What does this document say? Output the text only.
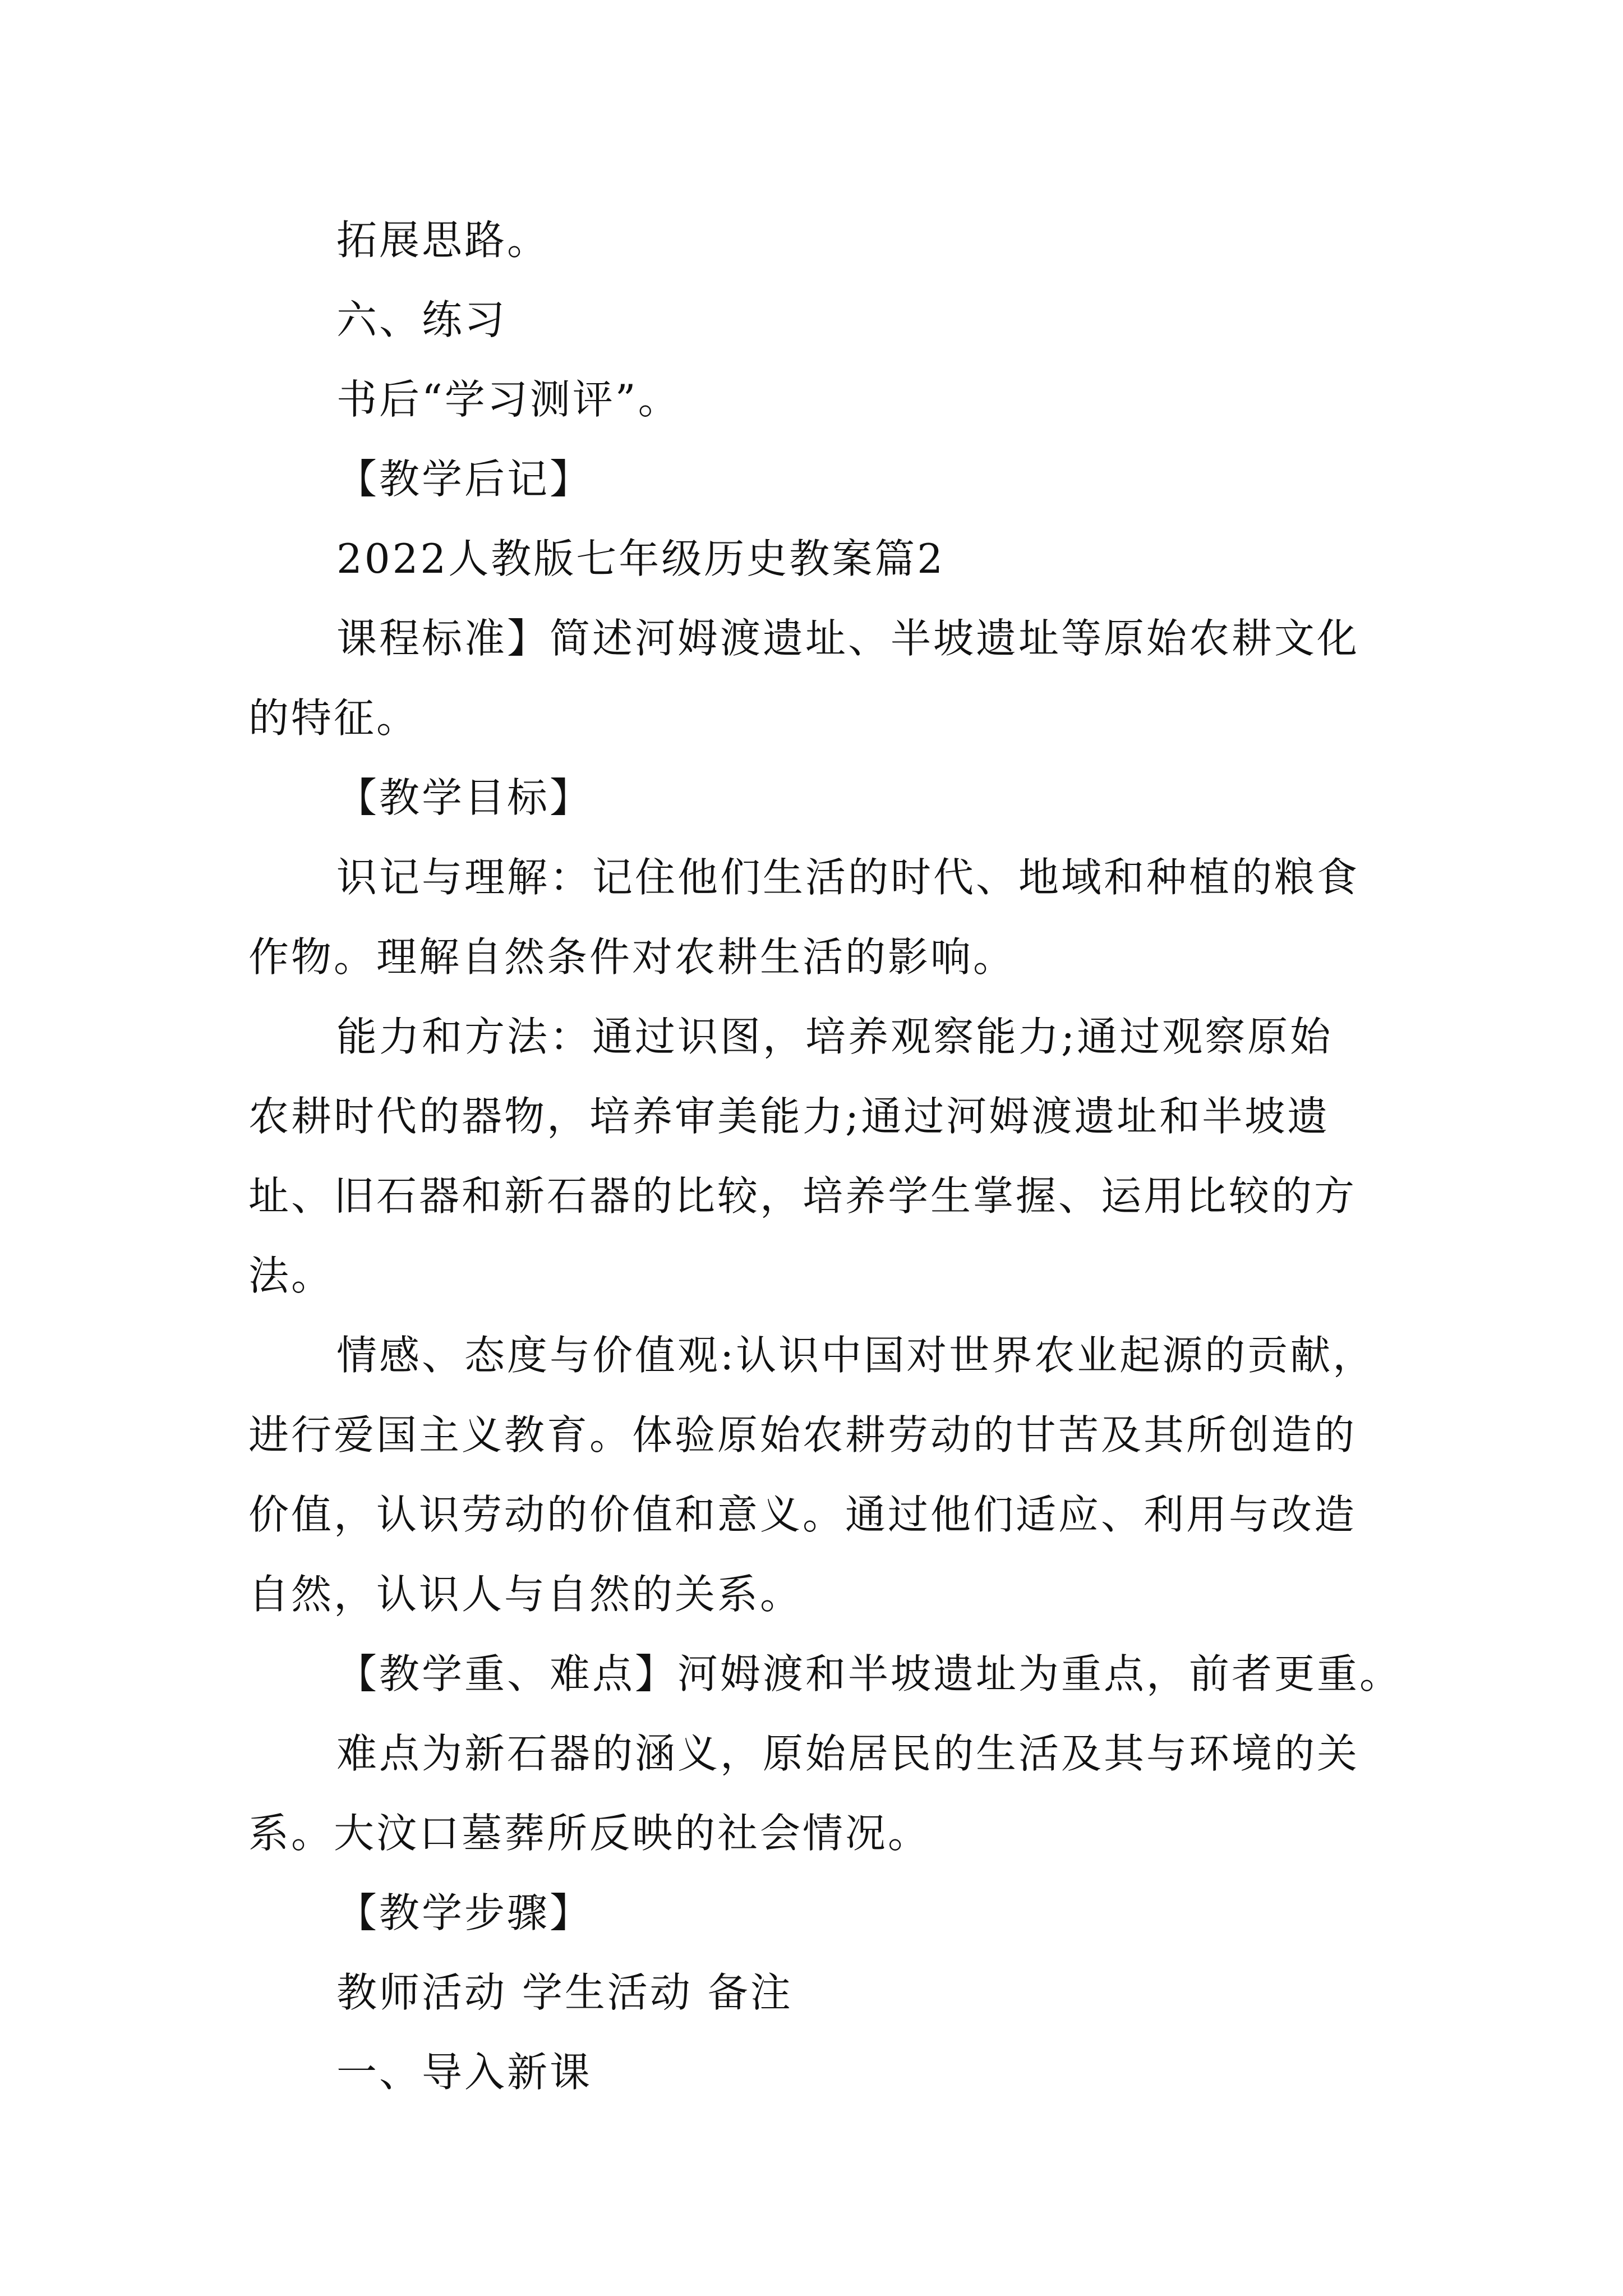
拓展思路。
六、练习
书后“学习测评”。
【教学后记】
2022人教版七年级历史教案篇2
课程标准】简述河姆渡遗址、半坡遗址等原始农耕文化
的特征。
【教学目标】
识记与理解：记住他们生活的时代、地域和种植的粮食
作物。理解自然条件对农耕生活的影响。
能力和方法：通过识图，培养观察能力;通过观察原始
农耕时代的器物，培养审美能力;通过河姆渡遗址和半坡遗
址、旧石器和新石器的比较，培养学生掌握、运用比较的方
法。
情感、态度与价值观:认识中国对世界农业起源的贡献，
进行爱国主义教育。体验原始农耕劳动的甘苦及其所创造的
价值，认识劳动的价值和意义。通过他们适应、利用与改造
自然，认识人与自然的关系。
【教学重、难点】河姆渡和半坡遗址为重点，前者更重。
难点为新石器的涵义，原始居民的生活及其与环境的关
系。大汶口墓葬所反映的社会情况。
【教学步骤】
教师活动 学生活动 备注
一、导入新课
